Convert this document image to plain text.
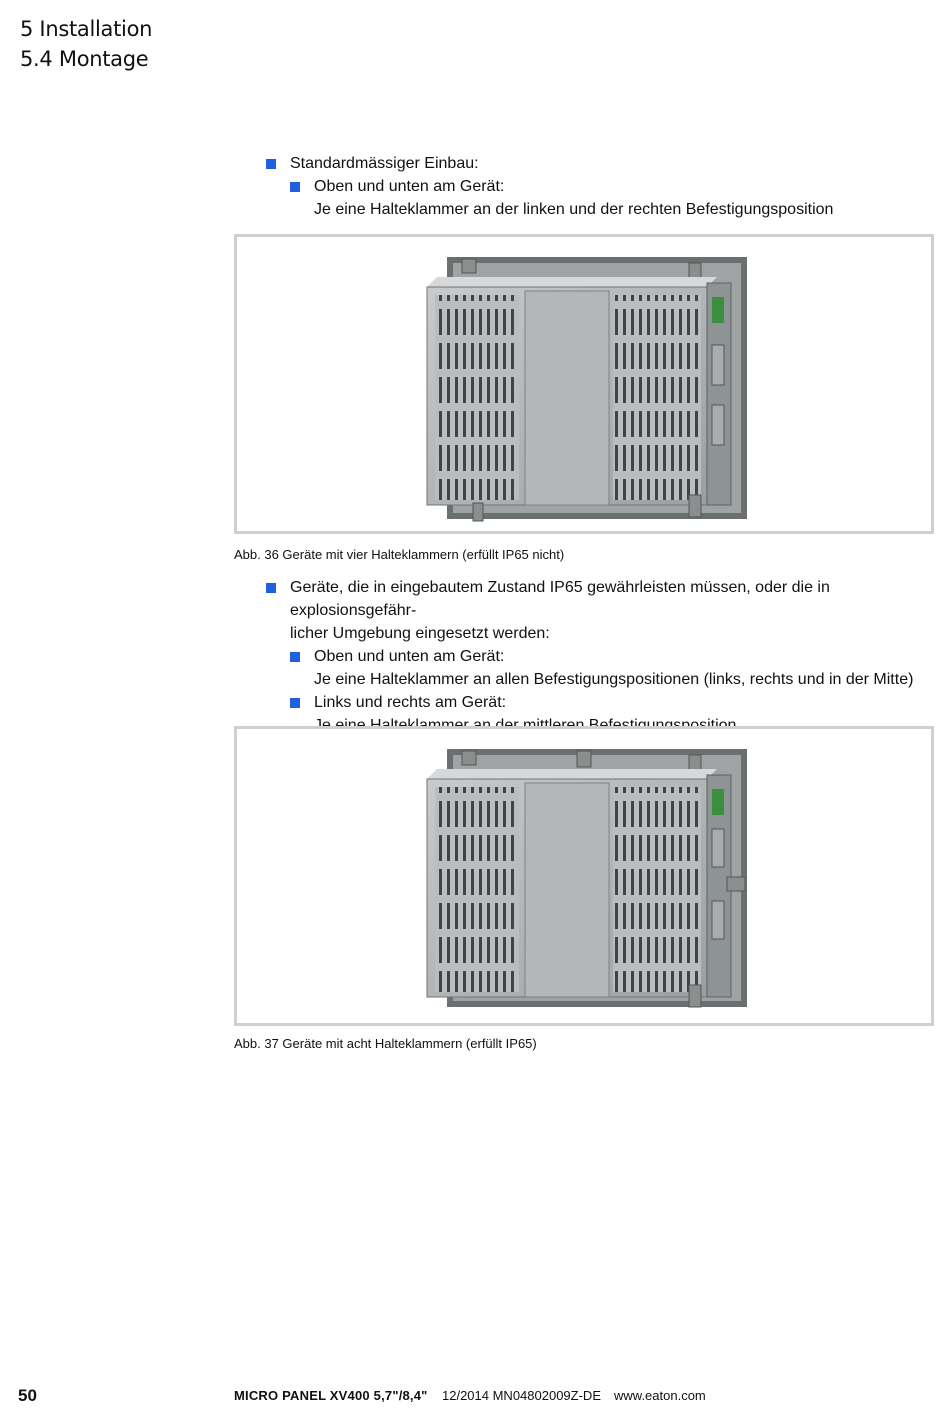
5 Installation
5.4 Montage
Standardmässiger Einbau:
Oben und unten am Gerät:
Je eine Halteklammer an der linken und der rechten Befestigungsposition
Abb. 36 Geräte mit vier Halteklammern (erfüllt IP65 nicht)
Geräte, die in eingebautem Zustand IP65 gewährleisten müssen, oder die in explosionsgefähr-
licher Umgebung eingesetzt werden:
Oben und unten am Gerät:
Je eine Halteklammer an allen Befestigungspositionen (links, rechts und in der Mitte)
Links und rechts am Gerät:
Abb. 37 Geräte mit acht Halteklammern (erfüllt IP65)
50	MICRO PANEL XV400 5,7"/8,4" 12/2014 MN04802009Z-DE www.eaton.com
